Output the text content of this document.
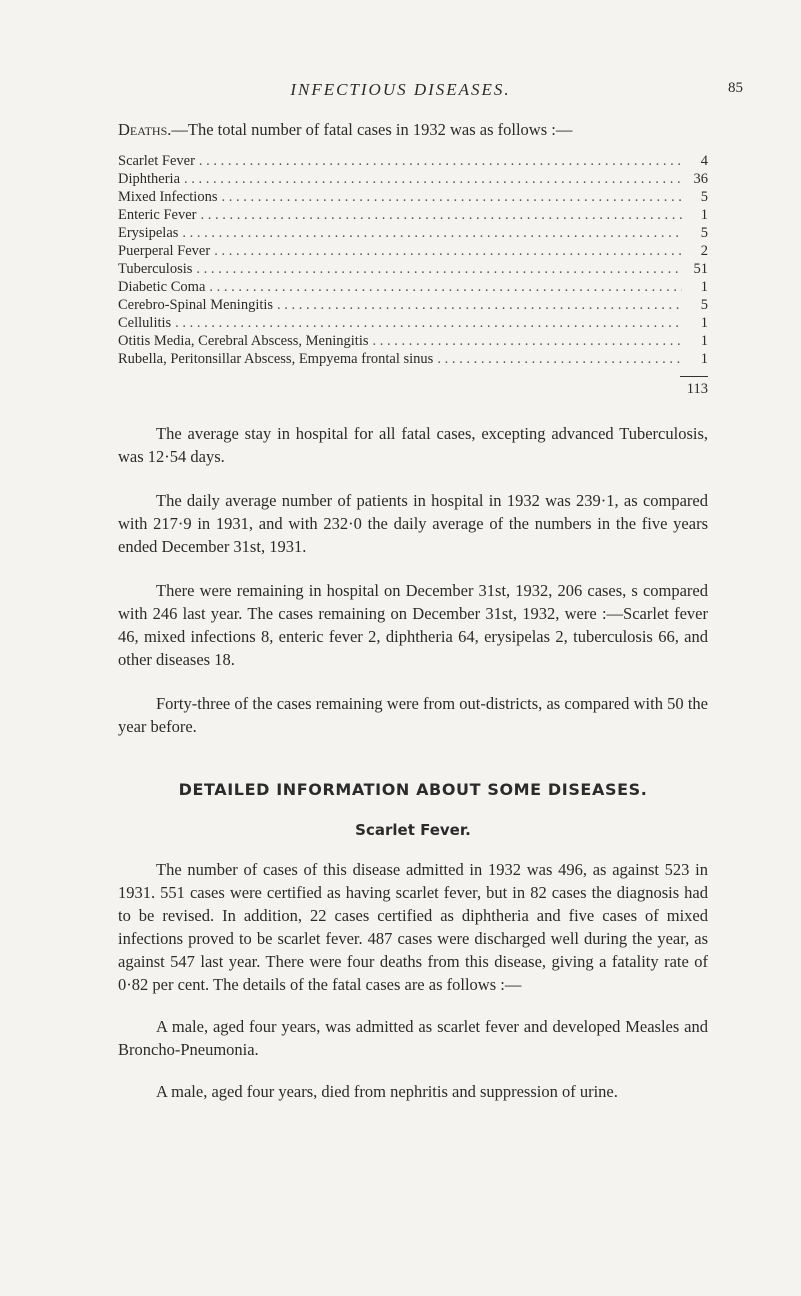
INFECTIOUS DISEASES.	85

Deaths.—The total number of fatal cases in 1932 was as follows :—

Scarlet Fever . . .	4
Diphtheria . . .	36
Mixed Infections . . .	5
Enteric Fever . . .	1
Erysipelas . . .	5
Puerperal Fever . . .	2
Tuberculosis . . .	51
Diabetic Coma . . .	1
Cerebro-Spinal Meningitis . . .	5
Cellulitis . . .	1
Otitis Media, Cerebral Abscess, Meningitis . . .	1
Rubella, Peritonsillar Abscess, Empyema frontal sinus . . .	1

113

The average stay in hospital for all fatal cases, excepting advanced Tuberculosis, was 12·54 days.

The daily average number of patients in hospital in 1932 was 239·1, as compared with 217·9 in 1931, and with 232·0 the daily average of the numbers in the five years ended December 31st, 1931.

There were remaining in hospital on December 31st, 1932, 206 cases, s compared with 246 last year. The cases remaining on December 31st, 1932, were :—Scarlet fever 46, mixed infections 8, enteric fever 2, diphtheria 64, erysipelas 2, tuberculosis 66, and other diseases 18.

Forty-three of the cases remaining were from out-districts, as compared with 50 the year before.

DETAILED INFORMATION ABOUT SOME DISEASES.
Scarlet Fever.

The number of cases of this disease admitted in 1932 was 496, as against 523 in 1931. 551 cases were certified as having scarlet fever, but in 82 cases the diagnosis had to be revised. In addition, 22 cases certified as diphtheria and five cases of mixed infections proved to be scarlet fever. 487 cases were discharged well during the year, as against 547 last year. There were four deaths from this disease, giving a fatality rate of 0·82 per cent. The details of the fatal cases are as follows :—

A male, aged four years, was admitted as scarlet fever and developed Measles and Broncho-Pneumonia.

A male, aged four years, died from nephritis and suppression of urine.
